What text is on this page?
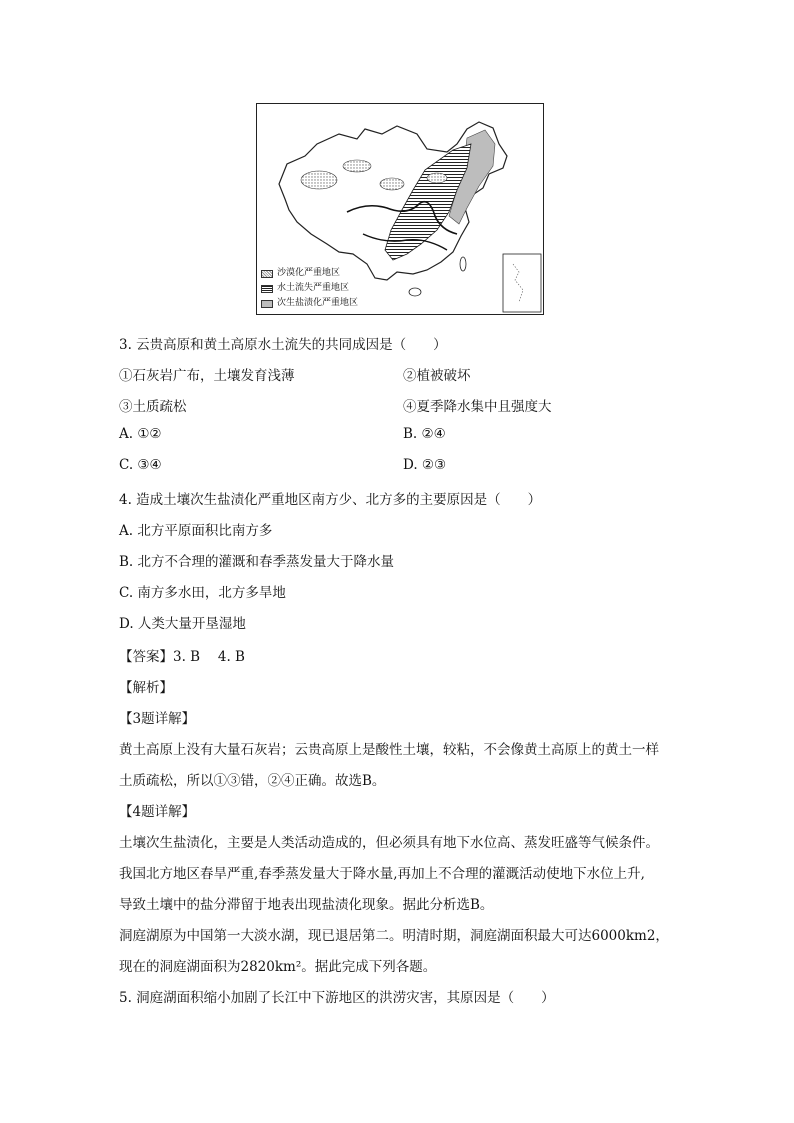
沙漠化严重地区
水土流失严重地区
次生盐渍化严重地区
3. 云贵高原和黄土高原水土流失的共同成因是（　　）
①石灰岩广布，土壤发育浅薄	②植被破坏
③土质疏松	④夏季降水集中且强度大
A. ①②	B. ②④
C. ③④	D. ②③
4. 造成土壤次生盐渍化严重地区南方少、北方多的主要原因是（　　）
A. 北方平原面积比南方多
B. 北方不合理的灌溉和春季蒸发量大于降水量
C. 南方多水田，北方多旱地
D. 人类大量开垦湿地
【答案】3. B　 4. B
【解析】
【3题详解】
黄土高原上没有大量石灰岩；云贵高原上是酸性土壤，较粘，不会像黄土高原上的黄土一样
土质疏松，所以①③错，②④正确。故选B。
【4题详解】
土壤次生盐渍化，主要是人类活动造成的，但必须具有地下水位高、蒸发旺盛等气候条件。
我国北方地区春旱严重,春季蒸发量大于降水量,再加上不合理的灌溉活动使地下水位上升,
导致土壤中的盐分滞留于地表出现盐渍化现象。据此分析选B。
洞庭湖原为中国第一大淡水湖，现已退居第二。明清时期，洞庭湖面积最大可达6000km2，
现在的洞庭湖面积为2820km²。据此完成下列各题。
5. 洞庭湖面积缩小加剧了长江中下游地区的洪涝灾害，其原因是（　　）
